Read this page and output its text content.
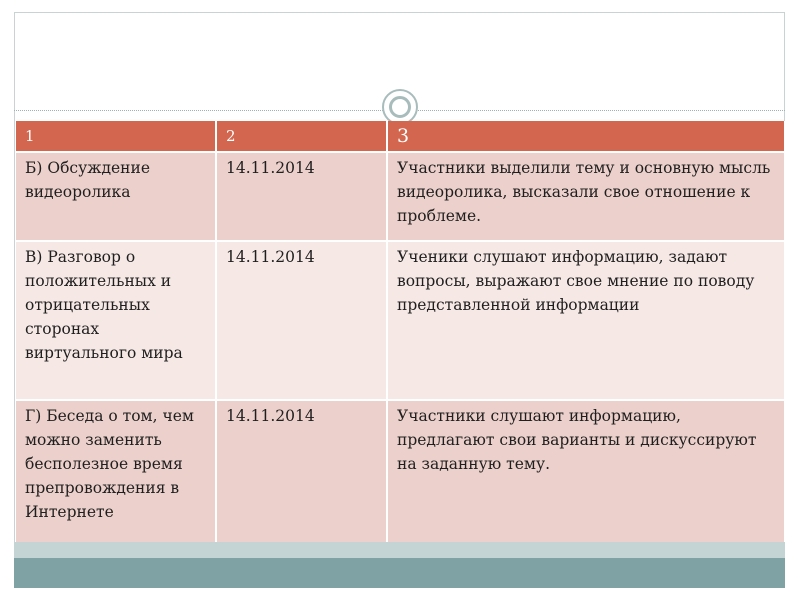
1	2	3
Б) Обсуждение видеоролика	14.11.2014	Участники выделили тему и основную мысль видеоролика, высказали свое отношение к проблеме.
В) Разговор о положительных и отрицательных сторонах виртуального мира	14.11.2014	Ученики слушают информацию, задают вопросы, выражают свое мнение по поводу представленной информации
Г) Беседа о том, чем можно заменить бесполезное время препровождения в Интернете	14.11.2014	Участники слушают информацию, предлагают свои варианты и дискуссируют на заданную тему.
